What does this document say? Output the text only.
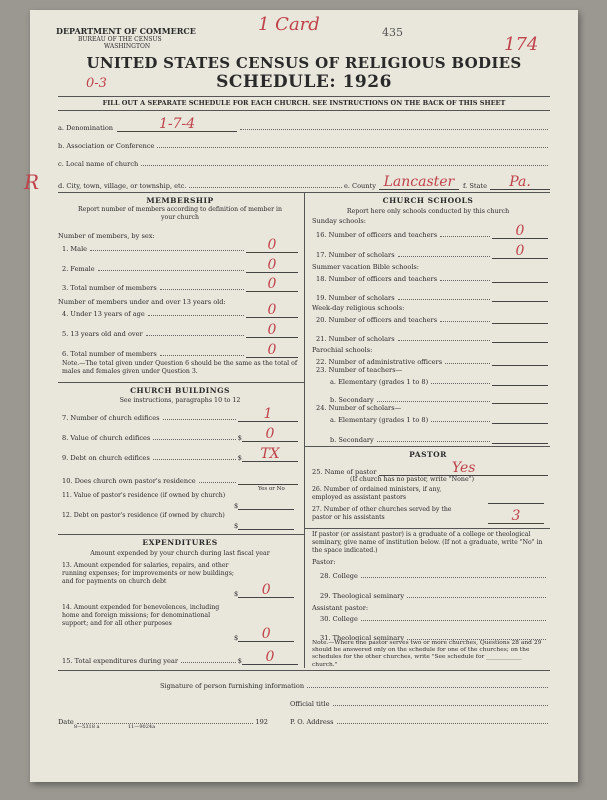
DEPARTMENT OF COMMERCE
BUREAU OF THE CENSUS
WASHINGTON
1 Card	435
174
UNITED STATES CENSUS OF RELIGIOUS BODIES
0-3	SCHEDULE: 1926
FILL OUT A SEPARATE SCHEDULE FOR EACH CHURCH. SEE INSTRUCTIONS ON THE BACK OF THIS SHEET
a. Denomination	1-7-4
b. Association or Conference
c. Local name of church
R	d. City, town, village, or township, etc.	e. County Lancaster	f. State	Pa.
MEMBERSHIP
Report number of members according to definition of member in your church
Number of members, by sex:
1. Male	0
2. Female	0
3. Total number of members	0
Number of members under and over 13 years old:
4. Under 13 years of age	0
5. 13 years old and over	0
6. Total number of members	0
Note.—The total given under Question 6 should be the same as the total of males and females given under Question 3.
CHURCH BUILDINGS
See instructions, paragraphs 10 to 12
7. Number of church edifices	1
8. Value of church edifices	$	0
9. Debt on church edifices	$	TX
10. Does church own pastor's residence
Yes or No
11. Value of pastor's residence (if owned by church)
$
12. Debt on pastor's residence (if owned by church)
$
EXPENDITURES
Amount expended by your church during last fiscal year
13. Amount expended for salaries, repairs, and other running expenses; for improvements or new buildings; and for payments on church debt
$	0
14. Amount expended for benevolences, including home and foreign missions; for denominational support; and for all other purposes
$	0
15. Total expenditures during year	$	0
CHURCH SCHOOLS
Report here only schools conducted by this church
Sunday schools:
16. Number of officers and teachers	0
17. Number of scholars	0
Summer vacation Bible schools:
18. Number of officers and teachers
19. Number of scholars
Week-day religious schools:
20. Number of officers and teachers
21. Number of scholars
Parochial schools:
22. Number of administrative officers
23. Number of teachers—
a. Elementary (grades 1 to 8)
b. Secondary
24. Number of scholars—
a. Elementary (grades 1 to 8)
b. Secondary
PASTOR
25. Name of pastor	Yes
(If church has no pastor, write "None")
26. Number of ordained ministers, if any, employed as assistant pastors
27. Number of other churches served by the pastor or his assistants	3
If pastor (or assistant pastor) is a graduate of a college or theological seminary, give name of institution below. (If not a graduate, write "No" in the space indicated.)
Pastor:
28. College
29. Theological seminary
Assistant pastor:
30. College
31. Theological seminary
Note.—Where one pastor serves two or more churches, Questions 28 and 29 should be answered only on the schedule for one of the churches; on the schedules for the other churches, write "See schedule for ____________ church."
Signature of person furnishing information
Official title
Date	192	P. O. Address
8—5318 a	11—9024a
